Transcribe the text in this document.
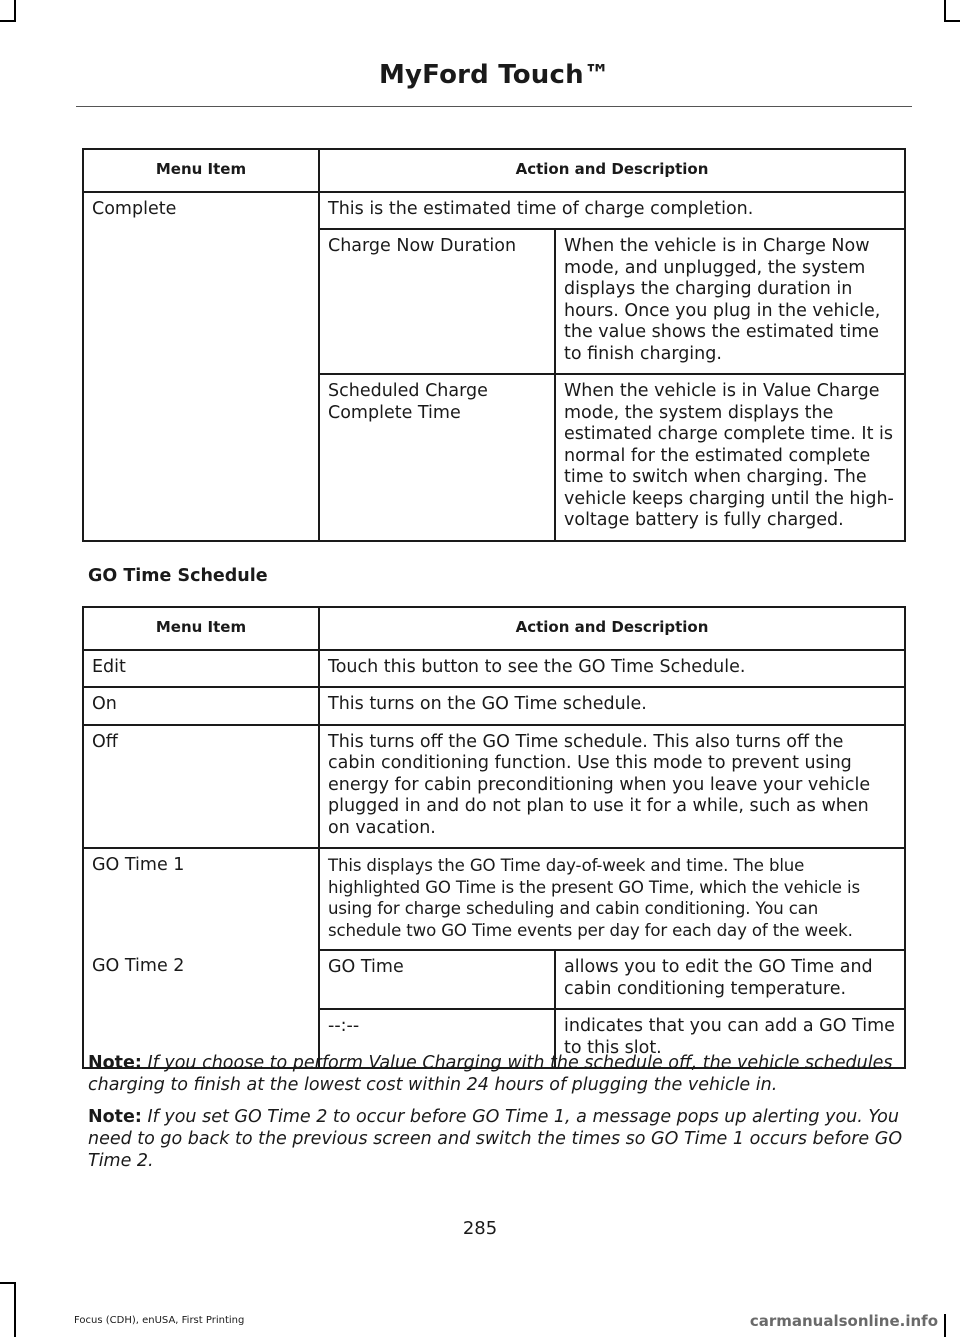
MyFord Touch™
Menu Item	Action and Description	
Complete	This is the estimated time of charge completion.	
	Charge Now Duration	When the vehicle is in Charge Now mode, and unplugged, the system displays the charging duration in hours. Once you plug in the vehicle, the value shows the estimated time to finish charging.
	Scheduled Charge Complete Time	When the vehicle is in Value Charge mode, the system displays the estimated charge complete time. It is normal for the estimated complete time to switch when charging. The vehicle keeps charging until the high-voltage battery is fully charged.
GO Time Schedule
Menu Item	Action and Description	
Edit	Touch this button to see the GO Time Schedule.	
On	This turns on the GO Time schedule.	
Off	This turns off the GO Time schedule. This also turns off the cabin conditioning function. Use this mode to prevent using energy for cabin preconditioning when you leave your vehicle plugged in and do not plan to use it for a while, such as when on vacation.	
GO Time 1	This displays the GO Time day-of-week and time. The blue highlighted GO Time is the present GO Time, which the vehicle is using for charge scheduling and cabin conditioning. You can schedule two GO Time events per day for each day of the week.	
GO Time 2	GO Time	allows you to edit the GO Time and cabin conditioning temperature.
	--:--	indicates that you can add a GO Time to this slot.

Note: If you choose to perform Value Charging with the schedule off, the vehicle schedules charging to finish at the lowest cost within 24 hours of plugging the vehicle in.

Note: If you set GO Time 2 to occur before GO Time 1, a message pops up alerting you. You need to go back to the previous screen and switch the times so GO Time 1 occurs before GO Time 2.

285
Focus (CDH), enUSA, First Printing	carmanualsonline.info
